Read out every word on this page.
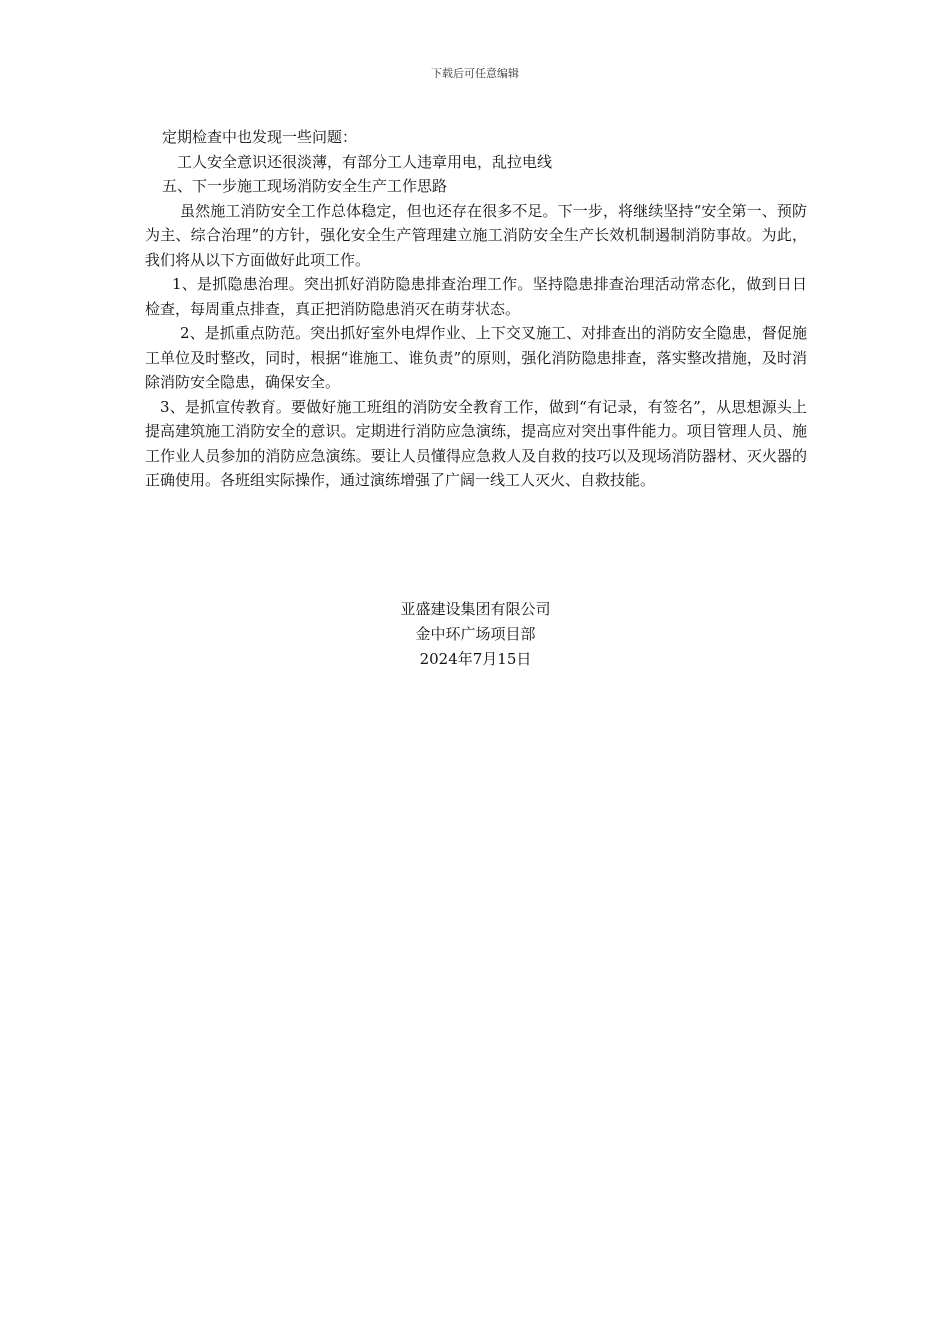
下载后可任意编辑

定期检查中也发现一些问题：

工人安全意识还很淡薄，有部分工人违章用电，乱拉电线

五、下一步施工现场消防安全生产工作思路

虽然施工消防安全工作总体稳定，但也还存在很多不足。下一步，将继续坚持“安全第一、预防为主、综合治理”的方针，强化安全生产管理建立施工消防安全生产长效机制遏制消防事故。为此，我们将从以下方面做好此项工作。

1、是抓隐患治理。突出抓好消防隐患排查治理工作。坚持隐患排查治理活动常态化，做到日日检查，每周重点排查，真正把消防隐患消灭在萌芽状态。

2、是抓重点防范。突出抓好室外电焊作业、上下交叉施工、对排查出的消防安全隐患，督促施工单位及时整改，同时，根据“谁施工、谁负责”的原则，强化消防隐患排查，落实整改措施，及时消除消防安全隐患，确保安全。

3、是抓宣传教育。要做好施工班组的消防安全教育工作，做到“有记录，有签名”，从思想源头上提高建筑施工消防安全的意识。定期进行消防应急演练，提高应对突出事件能力。项目管理人员、施工作业人员参加的消防应急演练。要让人员懂得应急救人及自救的技巧以及现场消防器材、灭火器的正确使用。各班组实际操作，通过演练增强了广阔一线工人灭火、自救技能。

亚盛建设集团有限公司
金中环广场项目部
2024年7月15日
